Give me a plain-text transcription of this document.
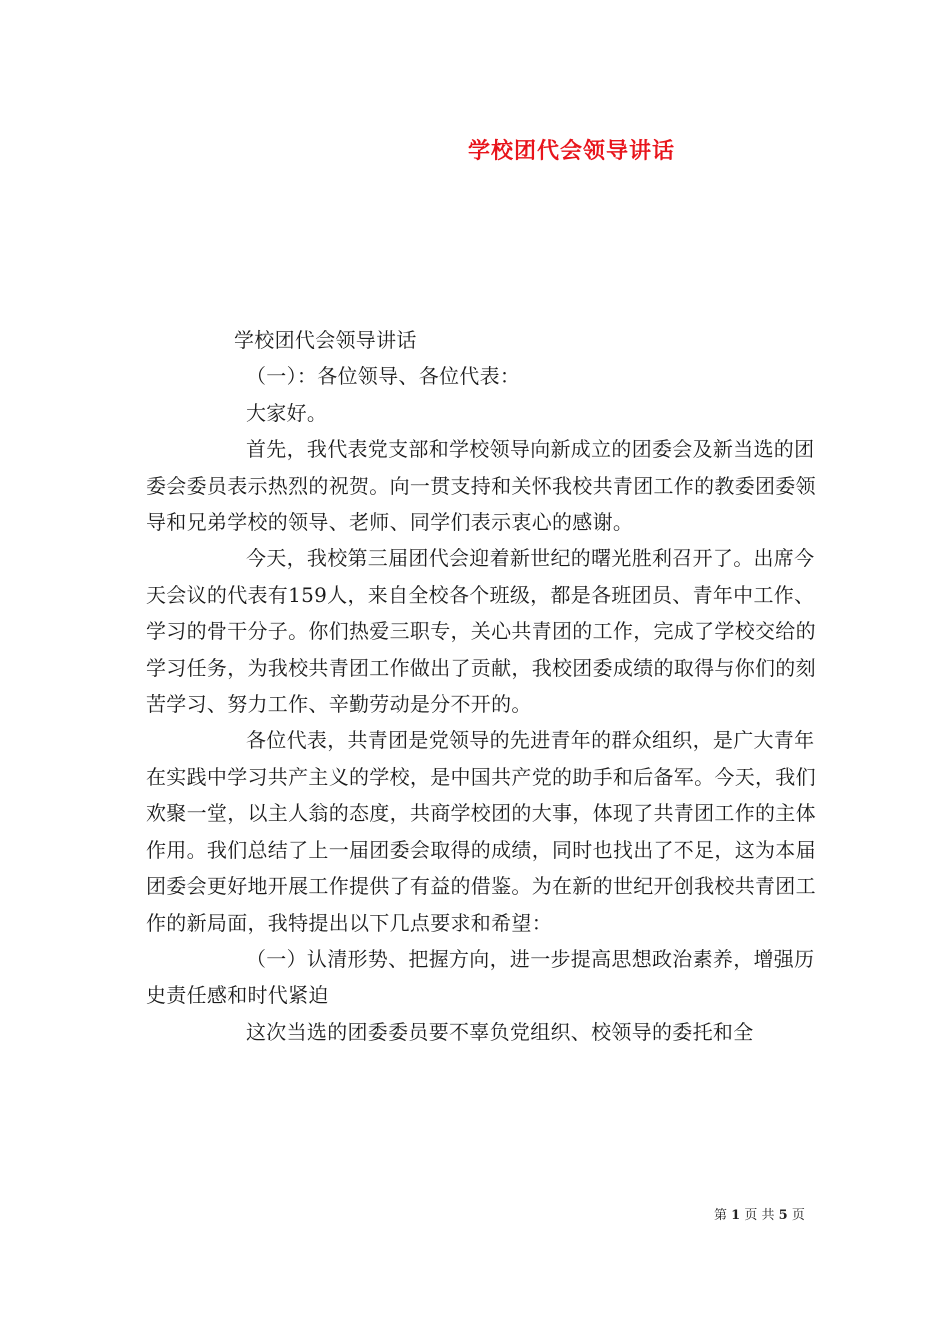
学校团代会领导讲话

学校团代会领导讲话

（一）：各位领导、各位代表：

大家好。

首先，我代表党支部和学校领导向新成立的团委会及新当选的团委会委员表示热烈的祝贺。向一贯支持和关怀我校共青团工作的教委团委领导和兄弟学校的领导、老师、同学们表示衷心的感谢。

今天，我校第三届团代会迎着新世纪的曙光胜利召开了。出席今天会议的代表有159人，来自全校各个班级，都是各班团员、青年中工作、学习的骨干分子。你们热爱三职专，关心共青团的工作，完成了学校交给的学习任务，为我校共青团工作做出了贡献，我校团委成绩的取得与你们的刻苦学习、努力工作、辛勤劳动是分不开的。

各位代表，共青团是党领导的先进青年的群众组织，是广大青年在实践中学习共产主义的学校，是中国共产党的助手和后备军。今天，我们欢聚一堂，以主人翁的态度，共商学校团的大事，体现了共青团工作的主体作用。我们总结了上一届团委会取得的成绩，同时也找出了不足，这为本届团委会更好地开展工作提供了有益的借鉴。为在新的世纪开创我校共青团工作的新局面，我特提出以下几点要求和希望：

（一）认清形势、把握方向，进一步提高思想政治素养，增强历史责任感和时代紧迫

这次当选的团委委员要不辜负党组织、校领导的委托和全

第 1 页 共 5 页
